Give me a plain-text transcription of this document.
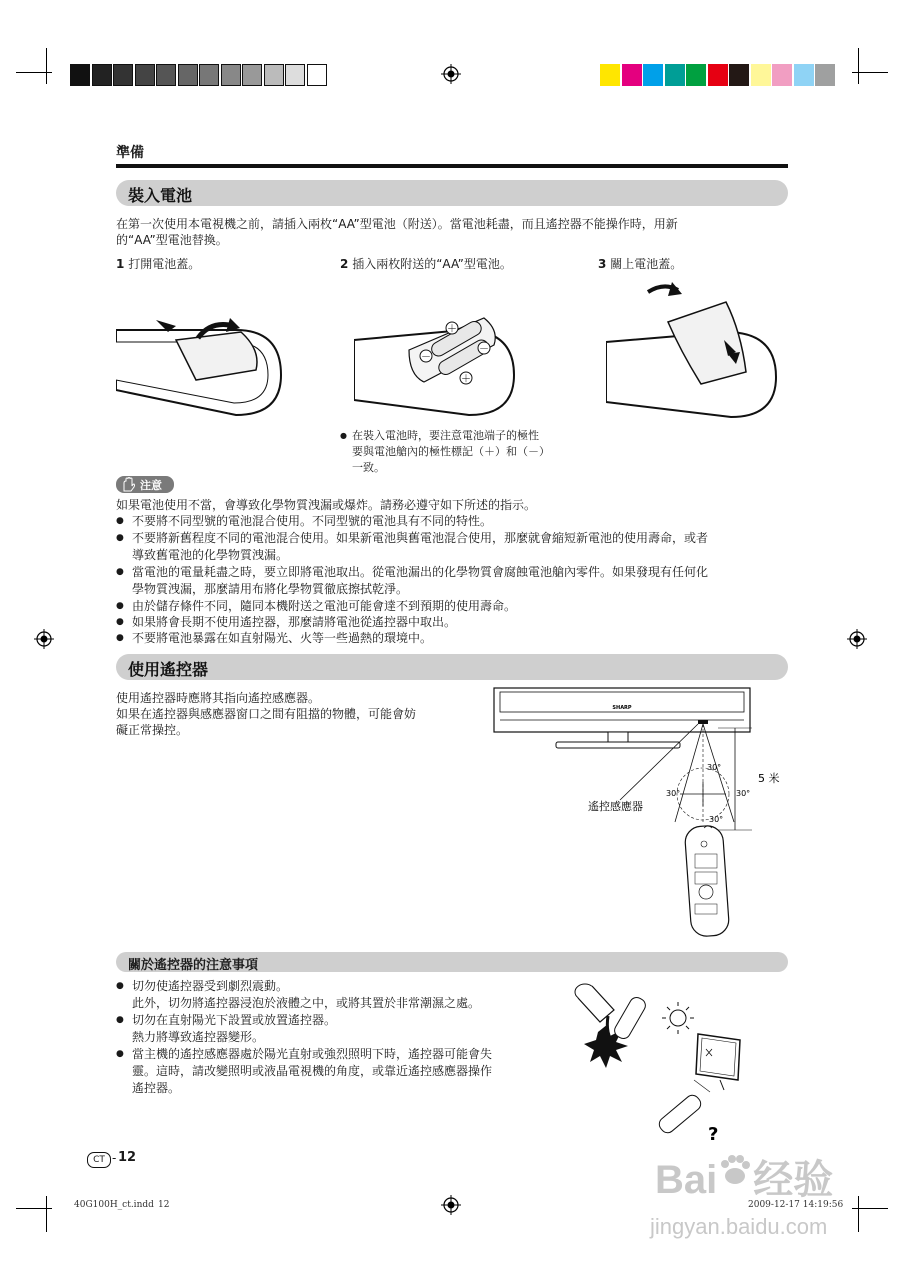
準備
裝入電池
在第一次使用本電視機之前，請插入兩枚“AA”型電池（附送）。當電池耗盡，而且遙控器不能操作時，用新
的“AA”型電池替換。
1 打開電池蓋。	2 插入兩枚附送的“AA”型電池。	3 關上電池蓋。
＋
－
－
＋
● 在裝入電池時，要注意電池端子的極性
要與電池艙內的極性標記（＋）和（－）
一致。
注意
如果電池使用不當，會導致化學物質洩漏或爆炸。請務必遵守如下所述的指示。
● 不要將不同型號的電池混合使用。不同型號的電池具有不同的特性。
● 不要將新舊程度不同的電池混合使用。如果新電池與舊電池混合使用，那麼就會縮短新電池的使用壽命，或者
導致舊電池的化學物質洩漏。
● 當電池的電量耗盡之時，要立即將電池取出。從電池漏出的化學物質會腐蝕電池艙內零件。如果發現有任何化
學物質洩漏，那麼請用布將化學物質徹底擦拭乾淨。
● 由於儲存條件不同，隨同本機附送之電池可能會達不到預期的使用壽命。
● 如果將會長期不使用遙控器，那麼請將電池從遙控器中取出。
● 不要將電池暴露在如直射陽光、火等一些過熱的環境中。
使用遙控器
使用遙控器時應將其指向遙控感應器。
如果在遙控器與感應器窗口之間有阻擋的物體，可能會妨
礙正常操控。
SHARP
30°
30°	30°
30°
5 米
遙控感應器
關於遙控器的注意事項
● 切勿使遙控器受到劇烈震動。
此外，切勿將遙控器浸泡於液體之中，或將其置於非常潮濕之處。
● 切勿在直射陽光下設置或放置遙控器。
熱力將導致遙控器變形。
● 當主機的遙控感應器處於陽光直射或強烈照明下時，遙控器可能會失
靈。這時，請改變照明或液晶電視機的角度，或靠近遙控感應器操作
遙控器。
?
CT - 12
40G100H_ct.indd 12	2009-12-17 14:19:56
Bai 经验
jingyan.baidu.com
